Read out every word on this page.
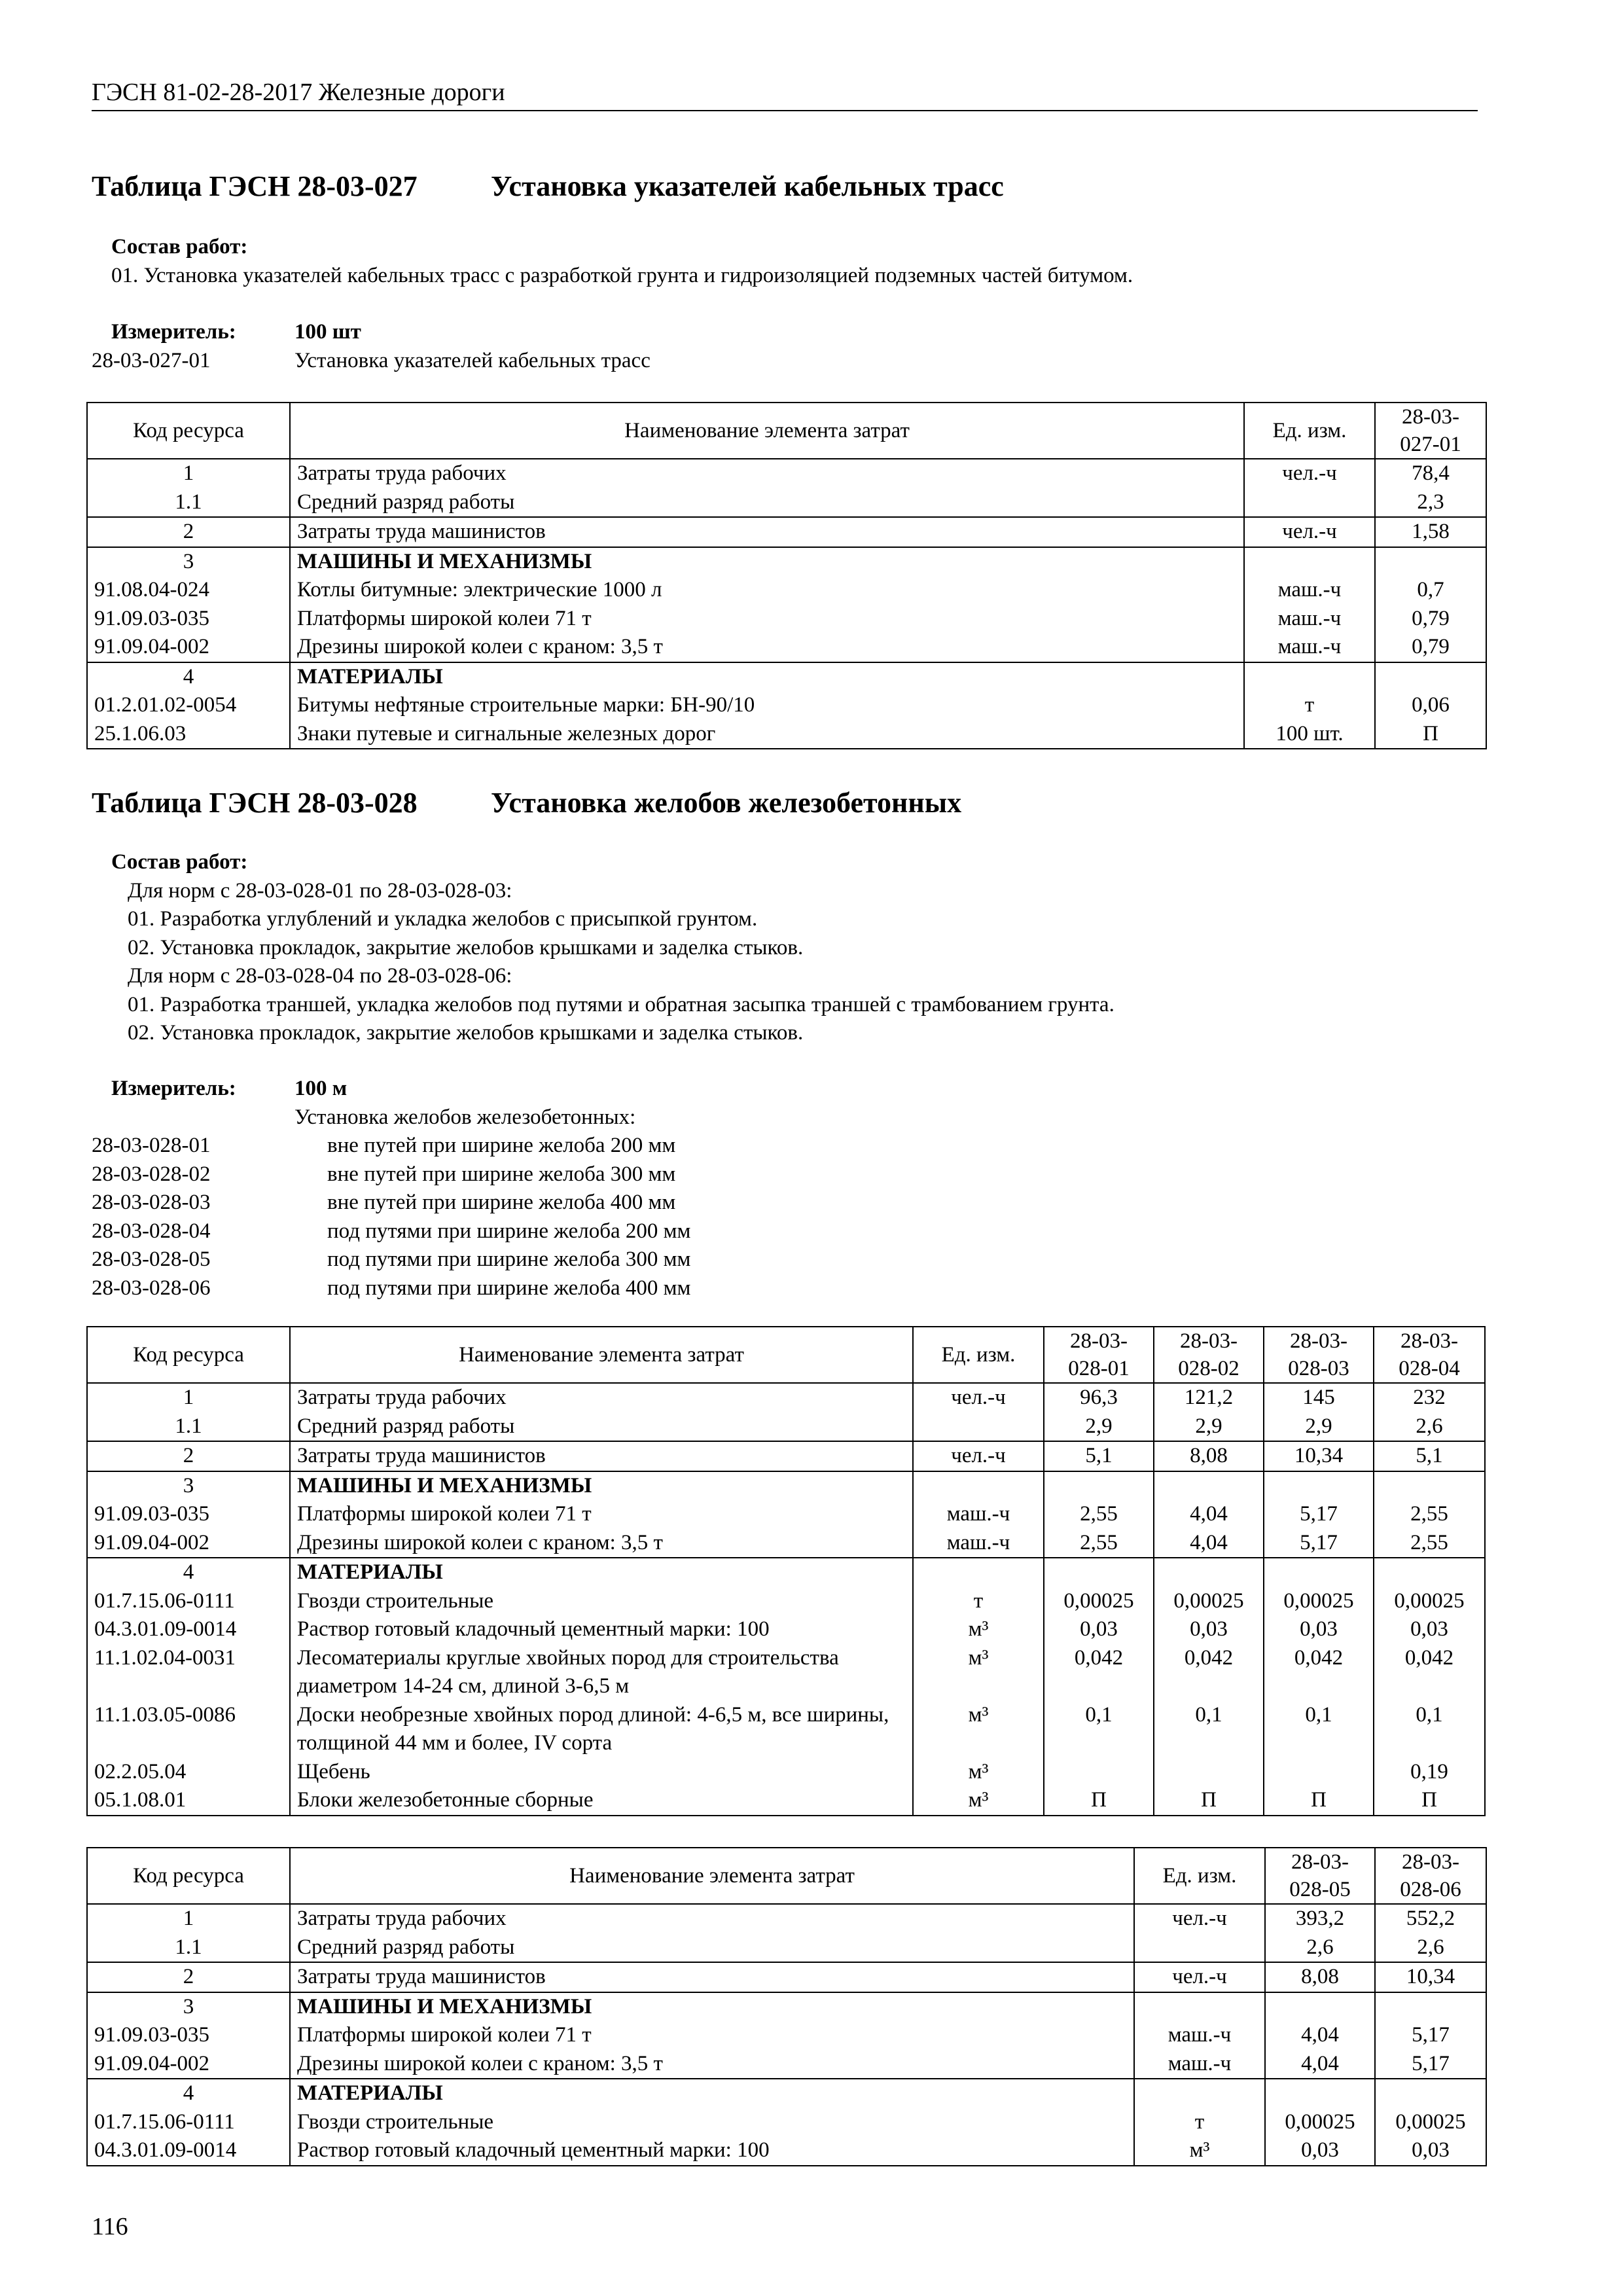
ГЭСН 81-02-28-2017 Железные дороги
Таблица ГЭСН 28-03-027	Установка указателей кабельных трасс
Состав работ:
01. Установка указателей кабельных трасс с разработкой грунта и гидроизоляцией подземных частей битумом.
Измеритель:	100 шт
28-03-027-01	Установка указателей кабельных трасс
Код ресурса	Наименование элемента затрат	Ед. изм.	28-03-027-01
1	Затраты труда рабочих	чел.-ч	78,4
1.1	Средний разряд работы		2,3
2	Затраты труда машинистов	чел.-ч	1,58
3	МАШИНЫ И МЕХАНИЗМЫ		
91.08.04-024	Котлы битумные: электрические 1000 л	маш.-ч	0,7
91.09.03-035	Платформы широкой колеи 71 т	маш.-ч	0,79
91.09.04-002	Дрезины широкой колеи с краном: 3,5 т	маш.-ч	0,79
4	МАТЕРИАЛЫ		
01.2.01.02-0054	Битумы нефтяные строительные марки: БН-90/10	т	0,06
25.1.06.03	Знаки путевые и сигнальные железных дорог	100 шт.	П
Таблица ГЭСН 28-03-028	Установка желобов железобетонных
Состав работ:
Для норм с 28-03-028-01 по 28-03-028-03:
01. Разработка углублений и укладка желобов с присыпкой грунтом.
02. Установка прокладок, закрытие желобов крышками и заделка стыков.
Для норм с 28-03-028-04 по 28-03-028-06:
01. Разработка траншей, укладка желобов под путями и обратная засыпка траншей с трамбованием грунта.
02. Установка прокладок, закрытие желобов крышками и заделка стыков.
Измеритель:	100 м
Установка желобов железобетонных:
28-03-028-01	вне путей при ширине желоба 200 мм
28-03-028-02	вне путей при ширине желоба 300 мм
28-03-028-03	вне путей при ширине желоба 400 мм
28-03-028-04	под путями при ширине желоба 200 мм
28-03-028-05	под путями при ширине желоба 300 мм
28-03-028-06	под путями при ширине желоба 400 мм
Код ресурса	Наименование элемента затрат	Ед. изм.	28-03-028-01	28-03-028-02	28-03-028-03	28-03-028-04
1	Затраты труда рабочих	чел.-ч	96,3	121,2	145	232
1.1	Средний разряд работы		2,9	2,9	2,9	2,6
2	Затраты труда машинистов	чел.-ч	5,1	8,08	10,34	5,1
3	МАШИНЫ И МЕХАНИЗМЫ					
91.09.03-035	Платформы широкой колеи 71 т	маш.-ч	2,55	4,04	5,17	2,55
91.09.04-002	Дрезины широкой колеи с краном: 3,5 т	маш.-ч	2,55	4,04	5,17	2,55
4	МАТЕРИАЛЫ					
01.7.15.06-0111	Гвозди строительные	т	0,00025	0,00025	0,00025	0,00025
04.3.01.09-0014	Раствор готовый кладочный цементный марки: 100	м³	0,03	0,03	0,03	0,03
11.1.02.04-0031	Лесоматериалы круглые хвойных пород для строительства диаметром 14-24 см, длиной 3-6,5 м	м³	0,042	0,042	0,042	0,042
11.1.03.05-0086	Доски необрезные хвойных пород длиной: 4-6,5 м, все ширины, толщиной 44 мм и более, IV сорта	м³	0,1	0,1	0,1	0,1
02.2.05.04	Щебень	м³				0,19
05.1.08.01	Блоки железобетонные сборные	м³	П	П	П	П
Код ресурса	Наименование элемента затрат	Ед. изм.	28-03-028-05	28-03-028-06
1	Затраты труда рабочих	чел.-ч	393,2	552,2
1.1	Средний разряд работы		2,6	2,6
2	Затраты труда машинистов	чел.-ч	8,08	10,34
3	МАШИНЫ И МЕХАНИЗМЫ			
91.09.03-035	Платформы широкой колеи 71 т	маш.-ч	4,04	5,17
91.09.04-002	Дрезины широкой колеи с краном: 3,5 т	маш.-ч	4,04	5,17
4	МАТЕРИАЛЫ			
01.7.15.06-0111	Гвозди строительные	т	0,00025	0,00025
04.3.01.09-0014	Раствор готовый кладочный цементный марки: 100	м³	0,03	0,03
116
